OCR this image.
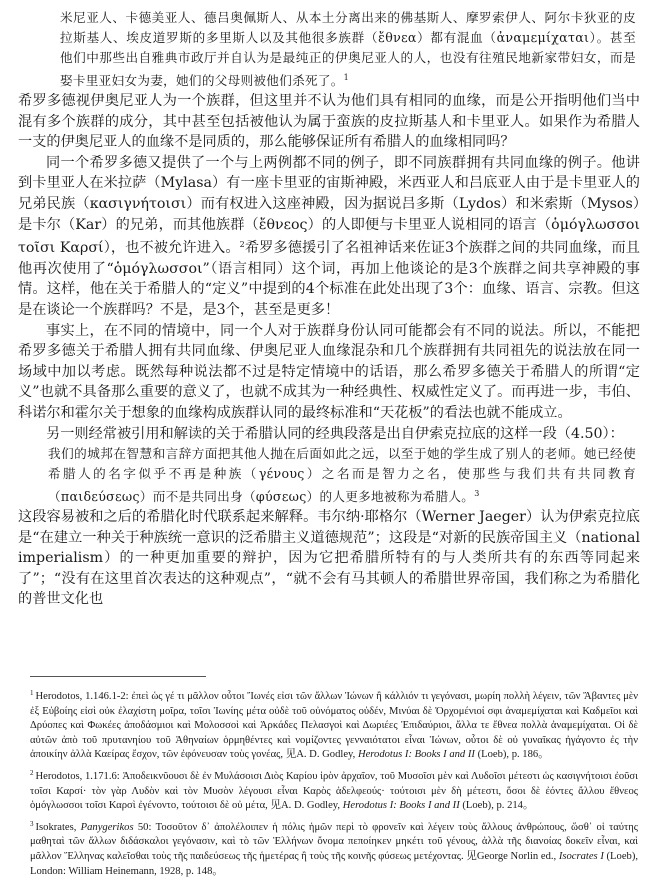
米尼亚人、卡德美亚人、德吕奥佩斯人、从本土分离出来的佛基斯人、摩罗索伊人、阿尔卡狄亚的皮拉斯基人、埃皮道罗斯的多里斯人以及其他很多族群（ἔθνεα）都有混血（ἀναμεμίχαται）。甚至他们中那些出自雅典市政厅并自认为是最纯正的伊奥尼亚人的人，也没有往殖民地新家带妇女，而是娶卡里亚妇女为妻，她们的父母则被他们杀死了。$^1$

希罗多德视伊奥尼亚人为一个族群，但这里并不认为他们具有相同的血缘，而是公开指明他们当中混有多个族群的成分，其中甚至包括被他认为属于蛮族的皮拉斯基人和卡里亚人。如果作为希腊人一支的伊奥尼亚人的血缘不是同质的，那么能够保证所有希腊人的血缘相同吗？

同一个希罗多德又提供了一个与上两例都不同的例子，即不同族群拥有共同血缘的例子。他讲到卡里亚人在米拉萨（Mylasa）有一座卡里亚的宙斯神殿，米西亚人和吕底亚人由于是卡里亚人的兄弟民族（κασιγνήτοισι）而有权进入这座神殿，因为据说吕多斯（Lydos）和米索斯（Mysos）是卡尔（Kar）的兄弟，而其他族群（ἔθνεος）的人即便与卡里亚人说相同的语言（ὁμόγλωσσοι τοῖσι Καρσί），也不被允许进入。$^2$希罗多德援引了名祖神话来佐证3个族群之间的共同血缘，而且他再次使用了“ὁμόγλωσσοι”（语言相同）这个词，再加上他谈论的是3个族群之间共享神殿的事情。这样，他在关于希腊人的“定义”中提到的4个标准在此处出现了3个：血缘、语言、宗教。但这是在谈论一个族群吗？不是，是3个，甚至是更多！

事实上，在不同的情境中，同一个人对于族群身份认同可能都会有不同的说法。所以，不能把希罗多德关于希腊人拥有共同血缘、伊奥尼亚人血缘混杂和几个族群拥有共同祖先的说法放在同一场域中加以考虑。既然每种说法都不过是特定情境中的话语，那么希罗多德关于希腊人的所谓“定义”也就不具备那么重要的意义了，也就不成其为一种经典性、权威性定义了。而再进一步，韦伯、科诺尔和霍尔关于想象的血缘构成族群认同的最终标准和“天花板”的看法也就不能成立。

另一则经常被引用和解读的关于希腊认同的经典段落是出自伊索克拉底的这样一段（4.50）：

我们的城邦在智慧和言辞方面把其他人抛在后面如此之远，以至于她的学生成了别人的老师。她已经使希腊人的名字似乎不再是种族（γένους）之名而是智力之名，使那些与我们共有共同教育（παιδεύσεως）而不是共同出身（φύσεως）的人更多地被称为希腊人。$^3$

这段容易被和之后的希腊化时代联系起来解释。韦尔纳·耶格尔（Werner Jaeger）认为伊索克拉底是“在建立一种关于种族统一意识的泛希腊主义道德规范”；这段是“对新的民族帝国主义（national imperialism）的一种更加重要的辩护，因为它把希腊所特有的与人类所共有的东西等同起来了”；“没有在这里首次表达的这种观点”，“就不会有马其顿人的希腊世界帝国，我们称之为希腊化的普世文化也

$^1$ Herodotos, 1.146.1-2: ἐπεὶ ὡς γέ τι μᾶλλον οὗτοι Ἴωνές εἰσι τῶν ἄλλων Ἰώνων ἢ κάλλιόν τι γεγόνασι, μωρίη πολλὴ λέγειν, τῶν Ἄβαντες μὲν ἐξ Εὐβοίης εἰσὶ οὐκ ἐλαχίστη μοῖρα, τοῖσι Ἰωνίης μέτα οὐδὲ τοῦ οὐνόματος οὐδέν, Μινύαι δὲ Ὀρχομένιοί σφι ἀναμεμίχαται καὶ Καδμεῖοι καὶ Δρύοπες καὶ Φωκέες ἀποδάσμιοι καὶ Μολοσσοὶ καὶ Ἀρκάδες Πελασγοὶ καὶ Δωριέες Ἐπιδαύριοι, ἄλλα τε ἔθνεα πολλὰ ἀναμεμίχαται. Οἱ δὲ αὐτῶν ἀπὸ τοῦ πρυτανηίου τοῦ Ἀθηναίων ὁρμηθέντες καὶ νομίζοντες γενναιότατοι εἶναι Ἰώνων, οὗτοι δὲ οὐ γυναῖκας ἠγάγοντο ἐς τὴν ἀποικίην ἀλλὰ Καείρας ἔσχον, τῶν ἐφόνευσαν τοὺς γονέας, 见A. D. Godley, Herodotus I: Books I and II (Loeb), p. 186。

$^2$ Herodotos, 1.171.6: Ἀποδεικνῦουσι δὲ ἐν Μυλάσοισι Διὸς Καρίου ἱρὸν ἀρχαῖον, τοῦ Μυσοῖσι μὲν καὶ Λυδοῖσι μέτεστι ὡς κασιγνήτοισι ἐοῦσι τοῖσι Καρσί· τὸν γὰρ Λυδὸν καὶ τὸν Μυσὸν λέγουσι εἶναι Καρὸς ἀδελφεούς· τούτοισι μὲν δὴ μέτεστι, ὅσοι δὲ ἐόντες ἄλλου ἔθνεος ὁμόγλωσσοι τοῖσι Καρσὶ ἐγένοντο, τούτοισι δὲ οὐ μέτα, 见A. D. Godley, Herodotus I: Books I and II (Loeb), p. 214。

$^3$ Isokrates, Panygerikos 50: Τοσοῦτον δ᾽ ἀπολέλοιπεν ἡ πόλις ἡμῶν περὶ τὸ φρονεῖν καὶ λέγειν τοὺς ἄλλους ἀνθρώπους, ὥσθ᾽ οἱ ταύτης μαθηταὶ τῶν ἄλλων διδάσκαλοι γεγόνασιν, καὶ τὸ τῶν Ἑλλήνων ὄνομα πεποίηκεν μηκέτι τοῦ γένους, ἀλλὰ τῆς διανοίας δοκεῖν εἶναι, καὶ μᾶλλον Ἕλληνας καλεῖσθαι τοὺς τῆς παιδεύσεως τῆς ἡμετέρας ἢ τοὺς τῆς κοινῆς φύσεως μετέχοντας. 见George Norlin ed., Isocrates I (Loeb), London: William Heinemann, 1928, p. 148。
